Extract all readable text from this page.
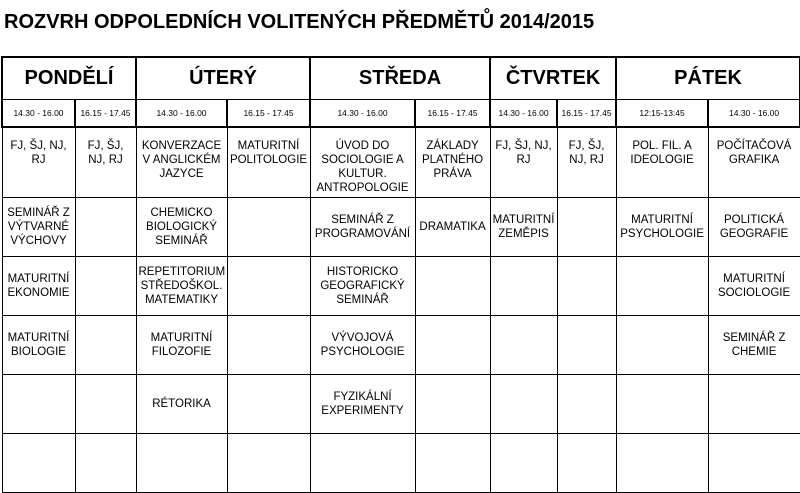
ROZVRH ODPOLEDNÍCH VOLITENÝCH PŘEDMĚTŮ 2014/2015
PONDĚLÍ		ÚTERÝ		STŘEDA		ČTVRTEK		PÁTEK	
14.30 - 16.00	16.15 - 17.45	14.30 - 16.00	16.15 - 17.45	14.30 - 16.00	16.15 - 17.45	14.30 - 16.00	16.15 - 17.45	12:15-13:45	14.30 - 16.00
FJ, ŠJ, NJ, RJ	FJ, ŠJ, NJ, RJ	KONVERZACE V ANGLICKÉM JAZYCE	MATURITNÍ POLITOLOGIE	ÚVOD DO SOCIOLOGIE A KULTUR. ANTROPOLOGIE	ZÁKLADY PLATNÉHO PRÁVA	FJ, ŠJ, NJ, RJ	FJ, ŠJ, NJ, RJ	POL. FIL. A IDEOLOGIE	POČÍTAČOVÁ GRAFIKA
SEMINÁŘ Z VÝTVARNÉ VÝCHOVY		CHEMICKO BIOLOGICKÝ SEMINÁŘ		SEMINÁŘ Z PROGRAMOVÁNÍ	DRAMATIKA	MATURITNÍ ZEMĚPIS		MATURITNÍ PSYCHOLOGIE	POLITICKÁ GEOGRAFIE
MATURITNÍ EKONOMIE		REPETITORIUM STŘEDOŠKOL. MATEMATIKY		HISTORICKO GEOGRAFICKÝ SEMINÁŘ					MATURITNÍ SOCIOLOGIE
MATURITNÍ BIOLOGIE		MATURITNÍ FILOZOFIE		VÝVOJOVÁ PSYCHOLOGIE					SEMINÁŘ Z CHEMIE
		RÉTORIKA		FYZIKÁLNÍ EXPERIMENTY					
